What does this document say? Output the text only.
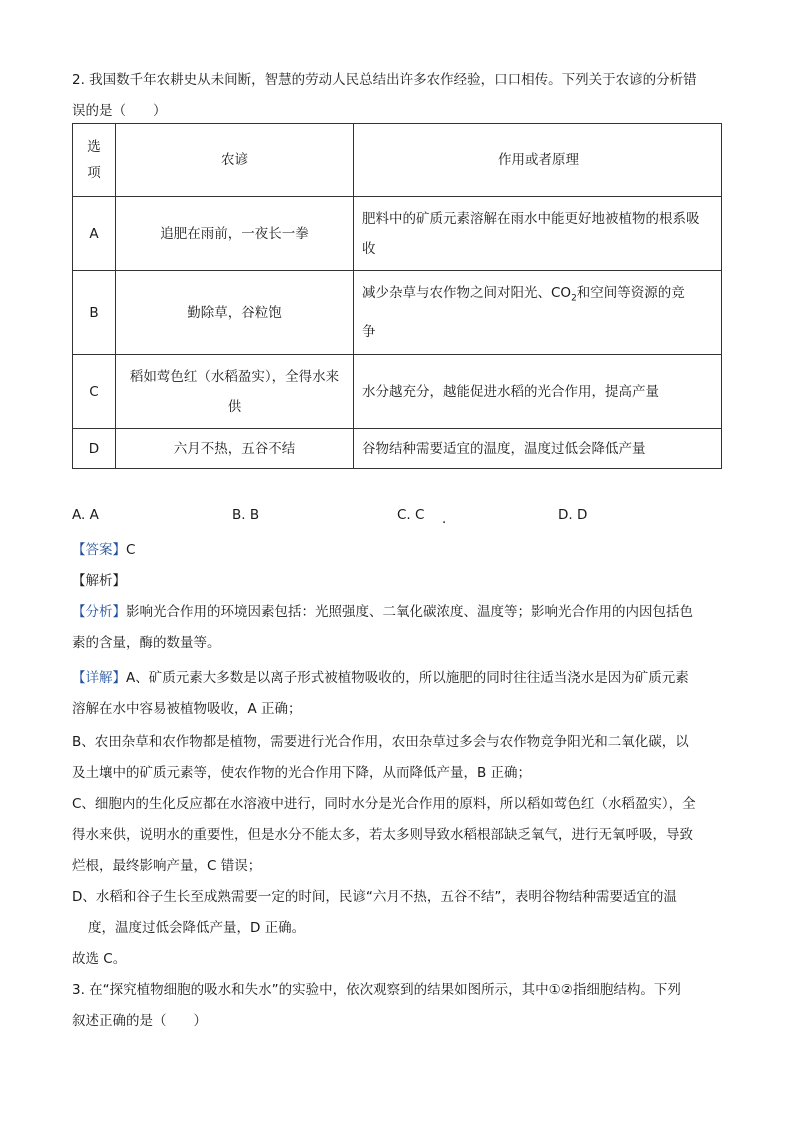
2. 我国数千年农耕史从未间断，智慧的劳动人民总结出许多农作经验，口口相传。下列关于农谚的分析错
误的是（　　）
选
项	农谚	作用或者原理
A	追肥在雨前，一夜长一拳	肥料中的矿质元素溶解在雨水中能更好地被植物的根系吸
收
B	勤除草，谷粒饱	减少杂草与农作物之间对阳光、$CO_2$和空间等资源的竞
争
C	稻如莺色红（水稻盈实），全得水来
供	水分越充分，越能促进水稻的光合作用，提高产量
D	六月不热，五谷不结	谷物结种需要适宜的温度，温度过低会降低产量
A. A	B. B	C. C ．	D. D
【答案】C
【解析】
【分析】影响光合作用的环境因素包括：光照强度、二氧化碳浓度、温度等；影响光合作用的内因包括色
素的含量，酶的数量等。
【详解】A、矿质元素大多数是以离子形式被植物吸收的，所以施肥的同时往往适当浇水是因为矿质元素
溶解在水中容易被植物吸收，A 正确；
B、农田杂草和农作物都是植物，需要进行光合作用，农田杂草过多会与农作物竞争阳光和二氧化碳，以
及土壤中的矿质元素等，使农作物的光合作用下降，从而降低产量，B 正确；
C、细胞内的生化反应都在水溶液中进行，同时水分是光合作用的原料，所以稻如莺色红（水稻盈实），全
得水来供，说明水的重要性，但是水分不能太多，若太多则导致水稻根部缺乏氧气，进行无氧呼吸，导致
烂根，最终影响产量，C 错误；
D、水稻和谷子生长至成熟需要一定的时间，民谚“六月不热，五谷不结”，表明谷物结种需要适宜的温
度，温度过低会降低产量，D 正确。
故选 C。
3. 在“探究植物细胞的吸水和失水”的实验中，依次观察到的结果如图所示，其中①②指细胞结构。下列
叙述正确的是（　　）
